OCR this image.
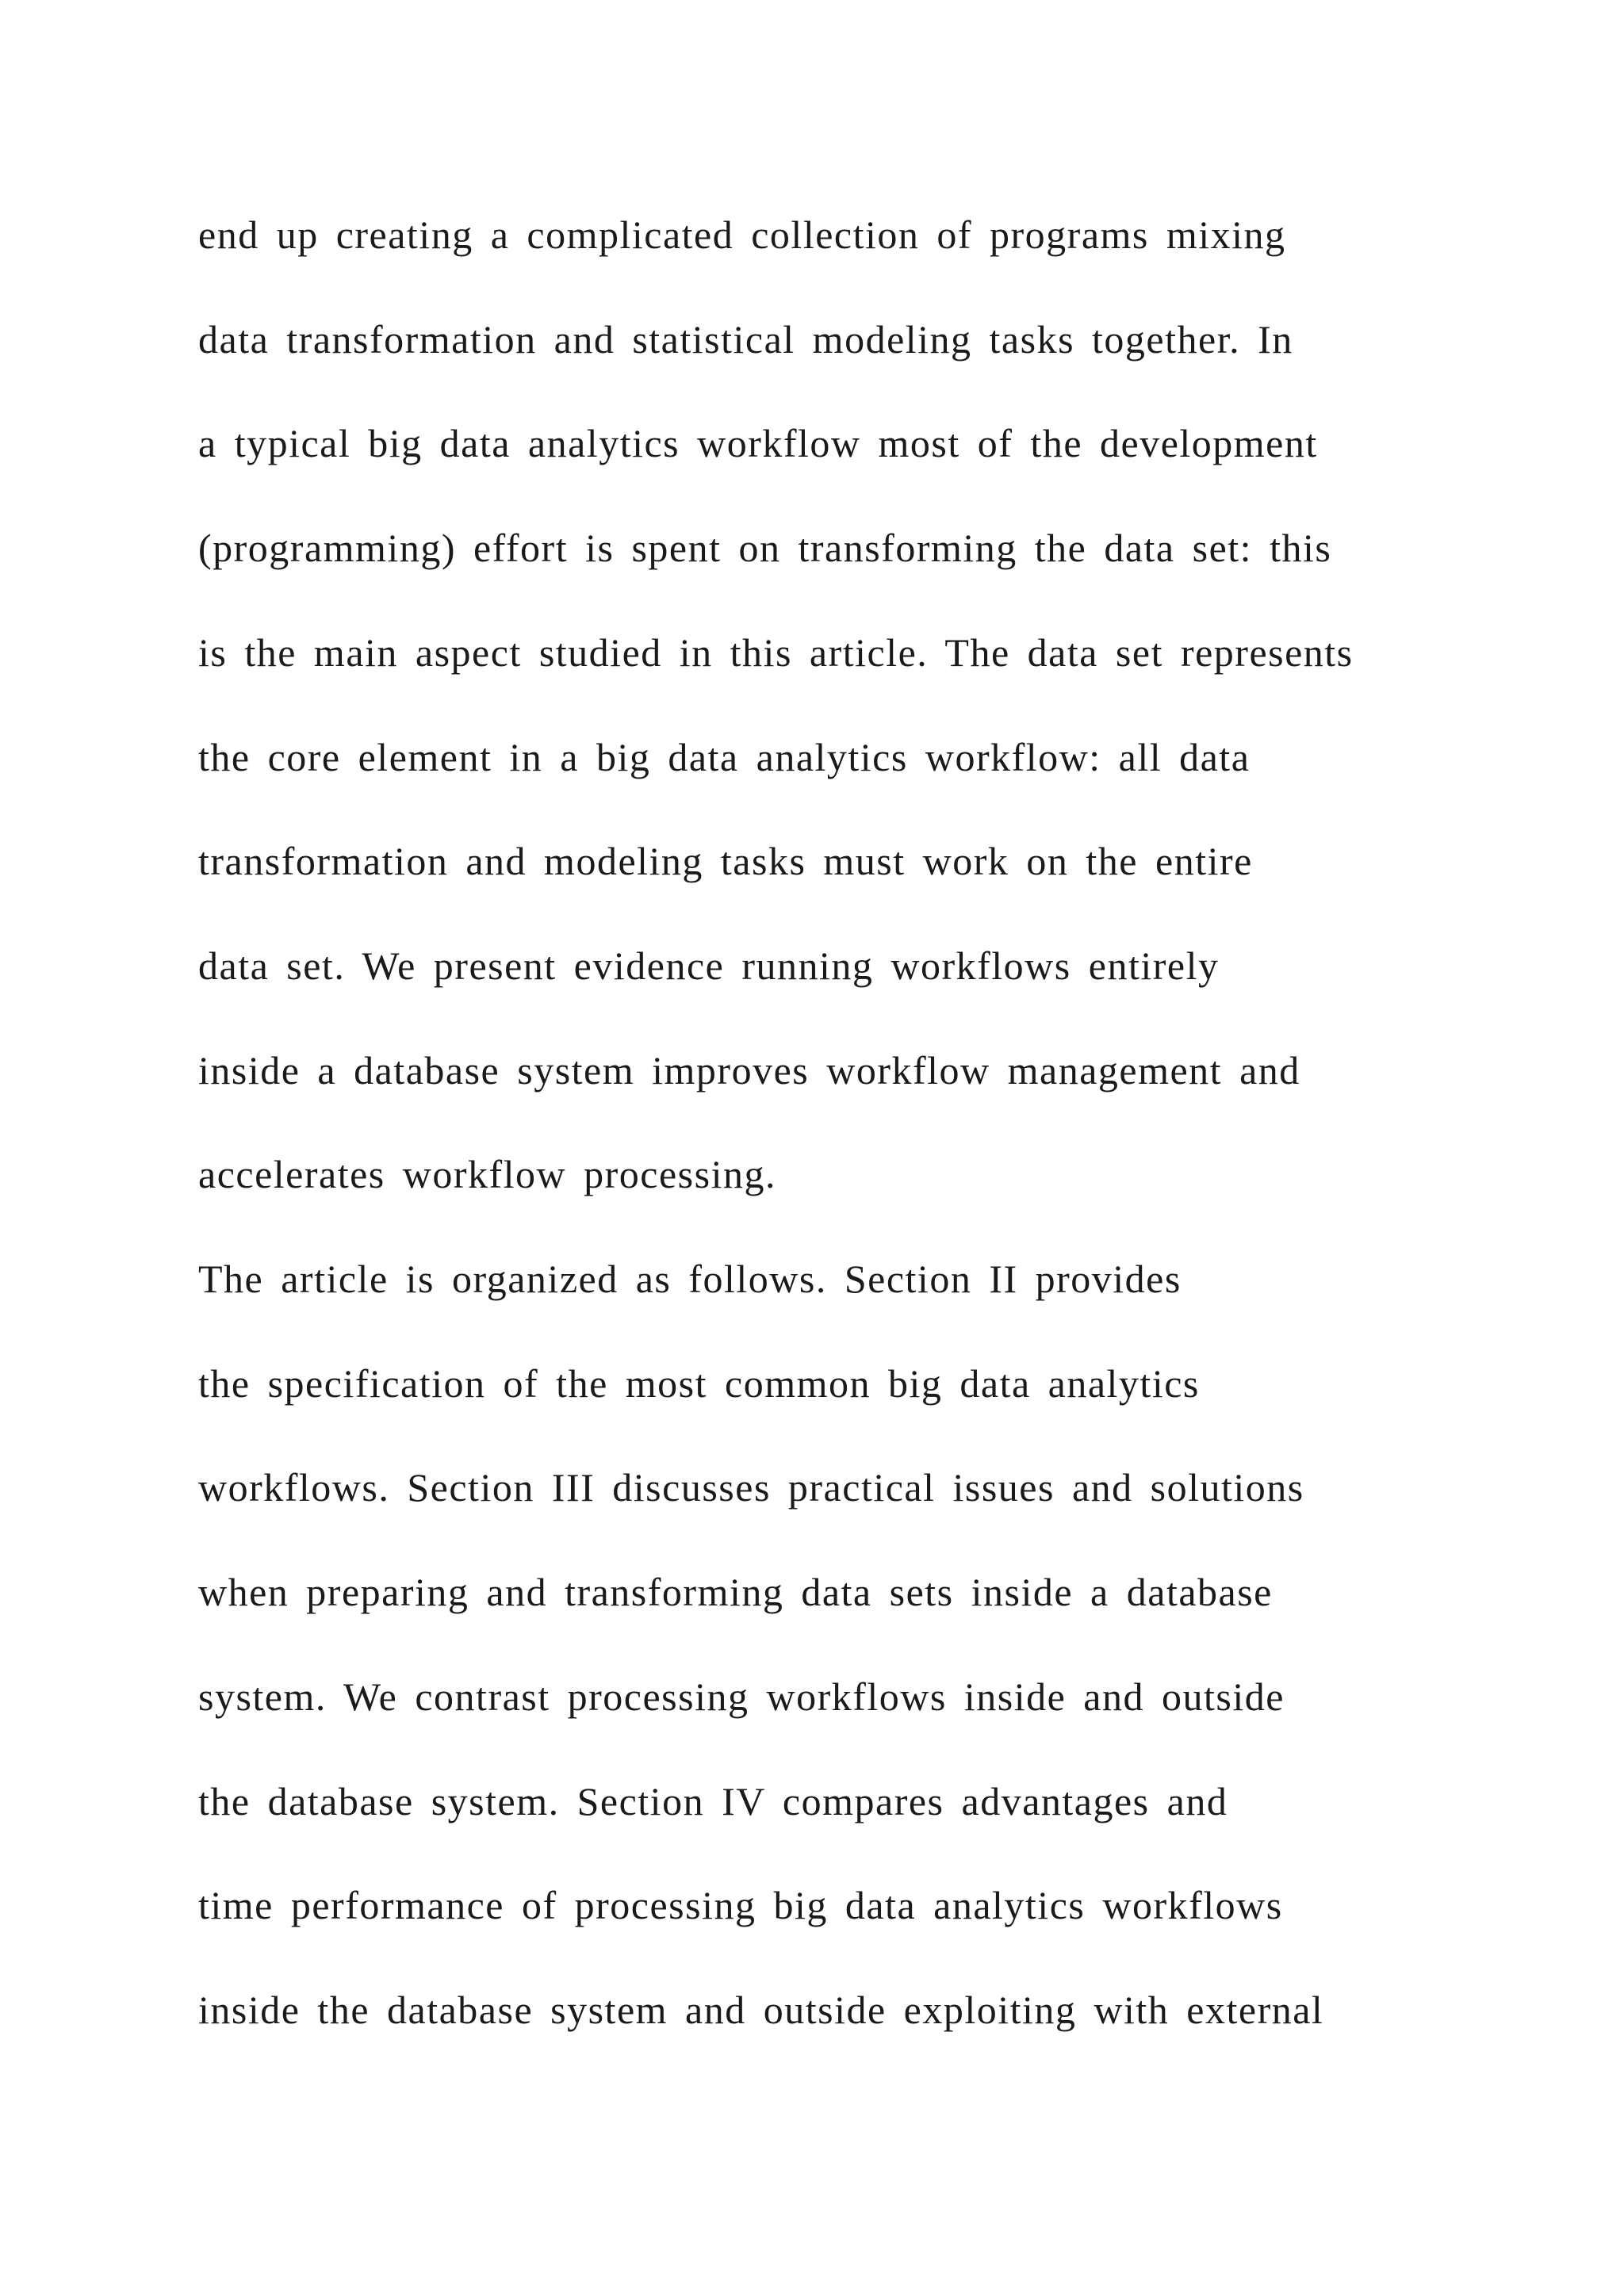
end up creating a complicated collection of programs mixing
data transformation and statistical modeling tasks together. In
a typical big data analytics workflow most of the development
(programming) effort is spent on transforming the data set: this
is the main aspect studied in this article. The data set represents
the core element in a big data analytics workflow: all data
transformation and modeling tasks must work on the entire
data set. We present evidence running workflows entirely
inside a database system improves workflow management and
accelerates workflow processing.
The article is organized as follows. Section II provides
the specification of the most common big data analytics
workflows. Section III discusses practical issues and solutions
when preparing and transforming data sets inside a database
system. We contrast processing workflows inside and outside
the database system. Section IV compares advantages and
time performance of processing big data analytics workflows
inside the database system and outside exploiting with external
